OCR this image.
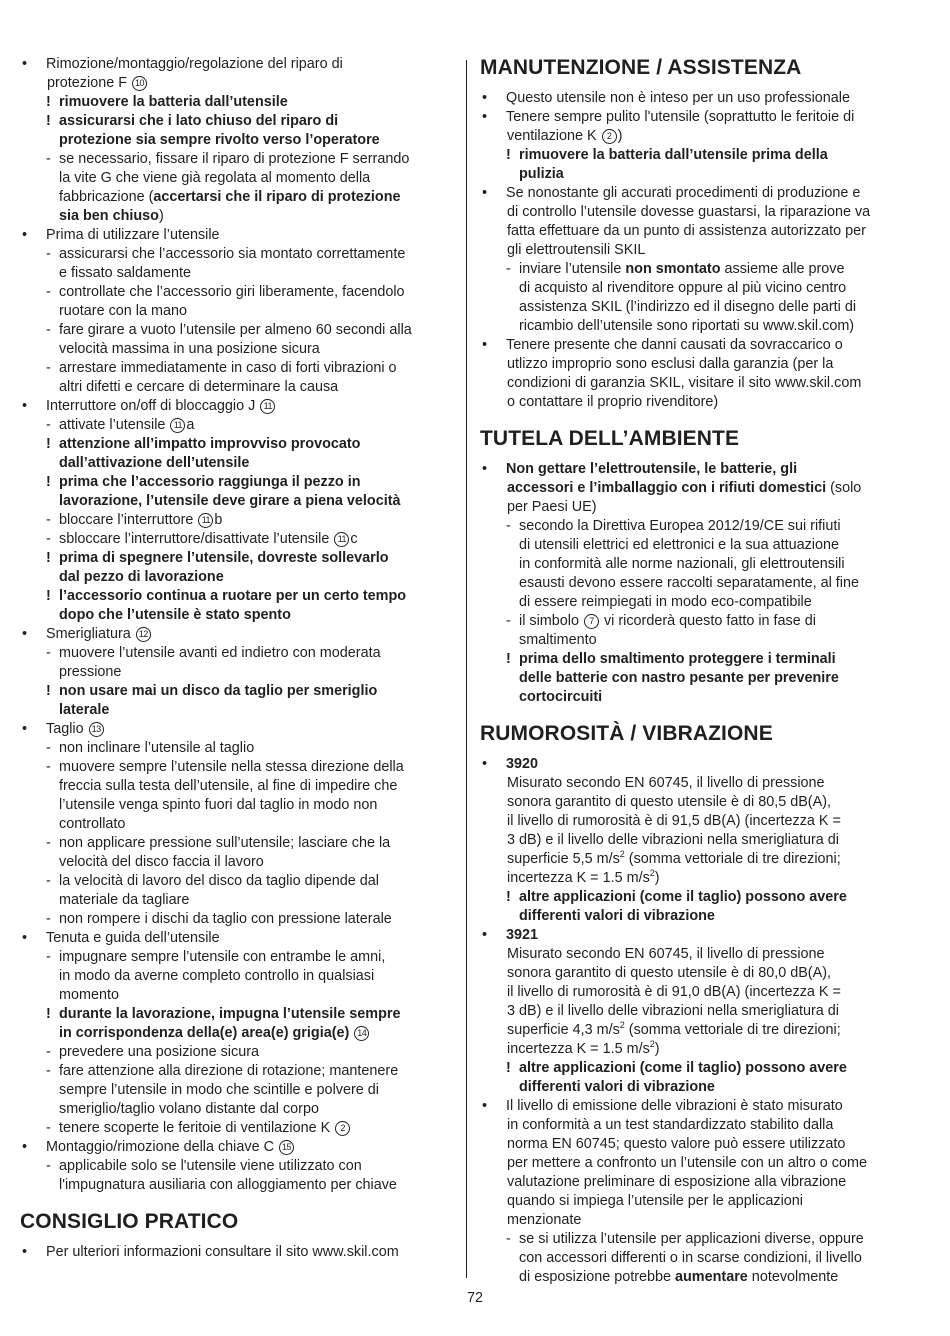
• Rimozione/montaggio/regolazione del riparo di
protezione F 10
! rimuovere la batteria dall’utensile
! assicurarsi che i lato chiuso del riparo di
protezione sia sempre rivolto verso l’operatore
- se necessario, fissare il riparo di protezione F serrando
la vite G che viene già regolata al momento della
fabbricazione (accertarsi che il riparo di protezione
sia ben chiuso)
• Prima di utilizzare l’utensile
- assicurarsi che l’accessorio sia montato correttamente
e fissato saldamente
- controllate che l’accessorio giri liberamente, facendolo
ruotare con la mano
- fare girare a vuoto l’utensile per almeno 60 secondi alla
velocità massima in una posizione sicura
- arrestare immediatamente in caso di forti vibrazioni o
altri difetti e cercare di determinare la causa
• Interruttore on/off di bloccaggio J 11
- attivate l’utensile 11 a
! attenzione all’impatto improvviso provocato
dall’attivazione dell’utensile
! prima che l’accessorio raggiunga il pezzo in
lavorazione, l’utensile deve girare a piena velocità
- bloccare l’interruttore 11 b
- sbloccare l’interruttore/disattivate l’utensile 11 c
! prima di spegnere l’utensile, dovreste sollevarlo
dal pezzo di lavorazione
! l’accessorio continua a ruotare per un certo tempo
dopo che l’utensile è stato spento
• Smerigliatura 12
- muovere l’utensile avanti ed indietro con moderata
pressione
! non usare mai un disco da taglio per smeriglio
laterale
• Taglio 13
- non inclinare l’utensile al taglio
- muovere sempre l’utensile nella stessa direzione della
freccia sulla testa dell’utensile, al fine di impedire che
l’utensile venga spinto fuori dal taglio in modo non
controllato
- non applicare pressione sull’utensile; lasciare che la
velocità del disco faccia il lavoro
- la velocità di lavoro del disco da taglio dipende dal
materiale da tagliare
- non rompere i dischi da taglio con pressione laterale
• Tenuta e guida dell’utensile
- impugnare sempre l’utensile con entrambe le amni,
in modo da averne completo controllo in qualsiasi
momento
! durante la lavorazione, impugna l’utensile sempre
in corrispondenza della(e) area(e) grigia(e) 14
- prevedere una posizione sicura
- fare attenzione alla direzione di rotazione; mantenere
sempre l’utensile in modo che scintille e polvere di
smeriglio/taglio volano distante dal corpo
- tenere scoperte le feritoie di ventilazione K 2
• Montaggio/rimozione della chiave C 15
- applicabile solo se l'utensile viene utilizzato con
l'impugnatura ausiliaria con alloggiamento per chiave
CONSIGLIO PRATICO
• Per ulteriori informazioni consultare il sito www.skil.com
MANUTENZIONE / ASSISTENZA
• Questo utensile non è inteso per un uso professionale
• Tenere sempre pulito l'utensile (soprattutto le feritoie di
ventilazione K 2 )
! rimuovere la batteria dall’utensile prima della
pulizia
• Se nonostante gli accurati procedimenti di produzione e
di controllo l’utensile dovesse guastarsi, la riparazione va
fatta effettuare da un punto di assistenza autorizzato per
gli elettroutensili SKIL
- inviare l’utensile non smontato assieme alle prove
di acquisto al rivenditore oppure al più vicino centro
assistenza SKIL (l’indirizzo ed il disegno delle parti di
ricambio dell’utensile sono riportati su www.skil.com)
• Tenere presente che danni causati da sovraccarico o
utlizzo improprio sono esclusi dalla garanzia (per la
condizioni di garanzia SKIL, visitare il sito www.skil.com
o contattare il proprio rivenditore)
TUTELA DELL’AMBIENTE
• Non gettare l’elettroutensile, le batterie, gli
accessori e l’imballaggio con i rifiuti domestici (solo
per Paesi UE)
- secondo la Direttiva Europea 2012/19/CE sui rifiuti
di utensili elettrici ed elettronici e la sua attuazione
in conformità alle norme nazionali, gli elettroutensili
esausti devono essere raccolti separatamente, al fine
di essere reimpiegati in modo eco-compatibile
- il simbolo 7 vi ricorderà questo fatto in fase di
smaltimento
! prima dello smaltimento proteggere i terminali
delle batterie con nastro pesante per prevenire
cortocircuiti
RUMOROSITÀ / VIBRAZIONE
• 3920
Misurato secondo EN 60745, il livello di pressione
sonora garantito di questo utensile è di 80,5 dB(A),
il livello di rumorosità è di 91,5 dB(A) (incertezza K =
3 dB) e il livello delle vibrazioni nella smerigliatura di
superficie 5,5 $m/s^2$ (somma vettoriale di tre direzioni;
incertezza K = 1.5 $m/s^2$)
! altre applicazioni (come il taglio) possono avere
differenti valori di vibrazione
• 3921
Misurato secondo EN 60745, il livello di pressione
sonora garantito di questo utensile è di 80,0 dB(A),
il livello di rumorosità è di 91,0 dB(A) (incertezza K =
3 dB) e il livello delle vibrazioni nella smerigliatura di
superficie 4,3 $m/s^2$ (somma vettoriale di tre direzioni;
incertezza K = 1.5 $m/s^2$)
! altre applicazioni (come il taglio) possono avere
differenti valori di vibrazione
• Il livello di emissione delle vibrazioni è stato misurato
in conformità a un test standardizzato stabilito dalla
norma EN 60745; questo valore può essere utilizzato
per mettere a confronto un l’utensile con un altro o come
valutazione preliminare di esposizione alla vibrazione
quando si impiega l’utensile per le applicazioni
menzionate
- se si utilizza l’utensile per applicazioni diverse, oppure
con accessori differenti o in scarse condizioni, il livello
di esposizione potrebbe aumentare notevolmente
72
